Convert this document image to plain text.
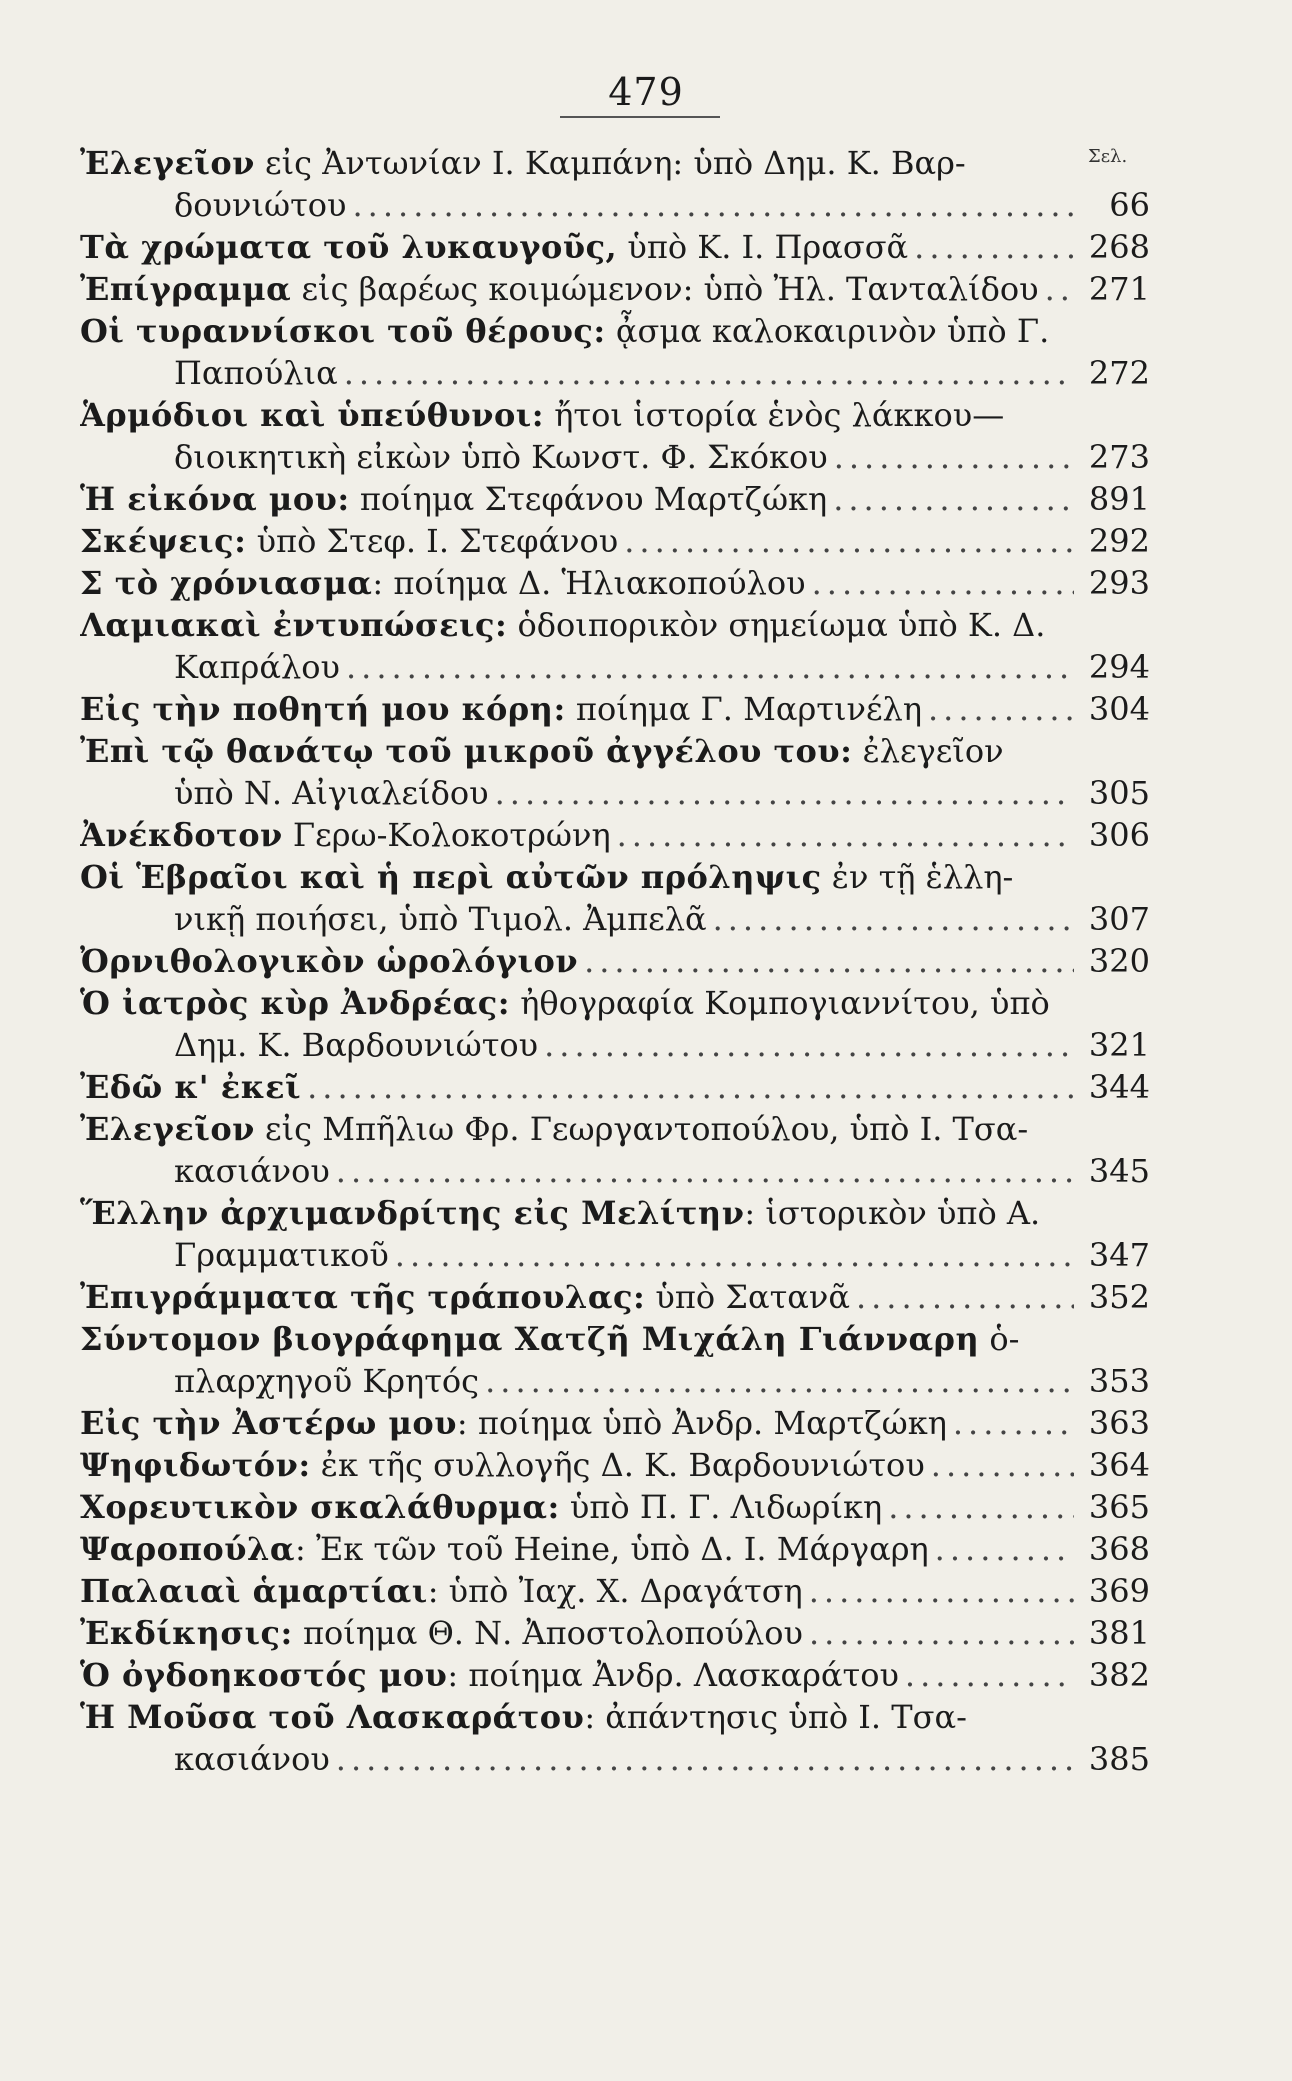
479
Σελ.
Ἐλεγεῖον εἰς Ἀντωνίαν Ι. Καμπάνη: ὑπὸ Δημ. Κ. Βαρ-
δουνιώτου .....	66
Τὰ χρώματα τοῦ λυκαυγοῦς, ὑπὸ Κ. Ι. Πρασσᾶ .....	268
Ἐπίγραμμα εἰς βαρέως κοιμώμενον: ὑπὸ Ἠλ. Τανταλίδου ..... 271
Οἱ τυραννίσκοι τοῦ θέρους: ᾆσμα καλοκαιρινὸν ὑπὸ Γ.
Παπούλια .....	272
Ἁρμόδιοι καὶ ὑπεύθυνοι: ἤτοι ἱστορία ἑνὸς λάκκου—
διοικητικὴ εἰκὼν ὑπὸ Κωνστ. Φ. Σκόκου .....	273
Ἡ εἰκόνα μου: ποίημα Στεφάνου Μαρτζώκη .....	891
Σκέψεις: ὑπὸ Στεφ. Ι. Στεφάνου .....	292
Σ τὸ χρόνιασμα: ποίημα Δ. Ἡλιακοπούλου .....	293
Λαμιακαὶ ἐντυπώσεις: ὁδοιπορικὸν σημείωμα ὑπὸ Κ. Δ.
Καπράλου .....	294
Εἰς τὴν ποθητή μου κόρη: ποίημα Γ. Μαρτινέλη .....	304
Ἐπὶ τῷ θανάτῳ τοῦ μικροῦ ἀγγέλου του: ἐλεγεῖον
ὑπὸ Ν. Αἰγιαλείδου .....	305
Ἀνέκδοτον Γερω-Κολοκοτρώνη .....	306
Οἱ Ἑβραῖοι καὶ ἡ περὶ αὐτῶν πρόληψις ἐν τῇ ἑλλη-
νικῇ ποιήσει, ὑπὸ Τιμολ. Ἀμπελᾶ .....	307
Ὀρνιθολογικὸν ὡρολόγιον .....	320
Ὁ ἰατρὸς κὺρ Ἀνδρέας: ἠθογραφία Κομπογιαννίτου, ὑπὸ
Δημ. Κ. Βαρδουνιώτου .....	321
Ἐδῶ κ' ἐκεῖ .....	344
Ἐλεγεῖον εἰς Μπῆλιω Φρ. Γεωργαντοπούλου, ὑπὸ Ι. Τσα-
κασιάνου .....	345
Ἕλλην ἀρχιμανδρίτης εἰς Μελίτην: ἱστορικὸν ὑπὸ Α.
Γραμματικοῦ .....	347
Ἐπιγράμματα τῆς τράπουλας: ὑπὸ Σατανᾶ .....	352
Σύντομον βιογράφημα Χατζῆ Μιχάλη Γιάνναρη ὁ-
πλαρχηγοῦ Κρητός .....	353
Εἰς τὴν Ἀστέρω μου: ποίημα ὑπὸ Ἀνδρ. Μαρτζώκη .....	363
Ψηφιδωτόν: ἐκ τῆς συλλογῆς Δ. Κ. Βαρδουνιώτου .....	364
Χορευτικὸν σκαλάθυρμα: ὑπὸ Π. Γ. Λιδωρίκη .....	365
Ψαροπούλα: Ἐκ τῶν τοῦ Heine, ὑπὸ Δ. Ι. Μάργαρη .....	368
Παλαιαὶ ἁμαρτίαι: ὑπὸ Ἰαχ. Χ. Δραγάτση .....	369
Ἐκδίκησις: ποίημα Θ. Ν. Ἀποστολοπούλου .....	381
Ὁ ὀγδοηκοστός μου: ποίημα Ἀνδρ. Λασκαράτου .....	382
Ἡ Μοῦσα τοῦ Λασκαράτου: ἀπάντησις ὑπὸ Ι. Τσα-
κασιάνου .....	385
